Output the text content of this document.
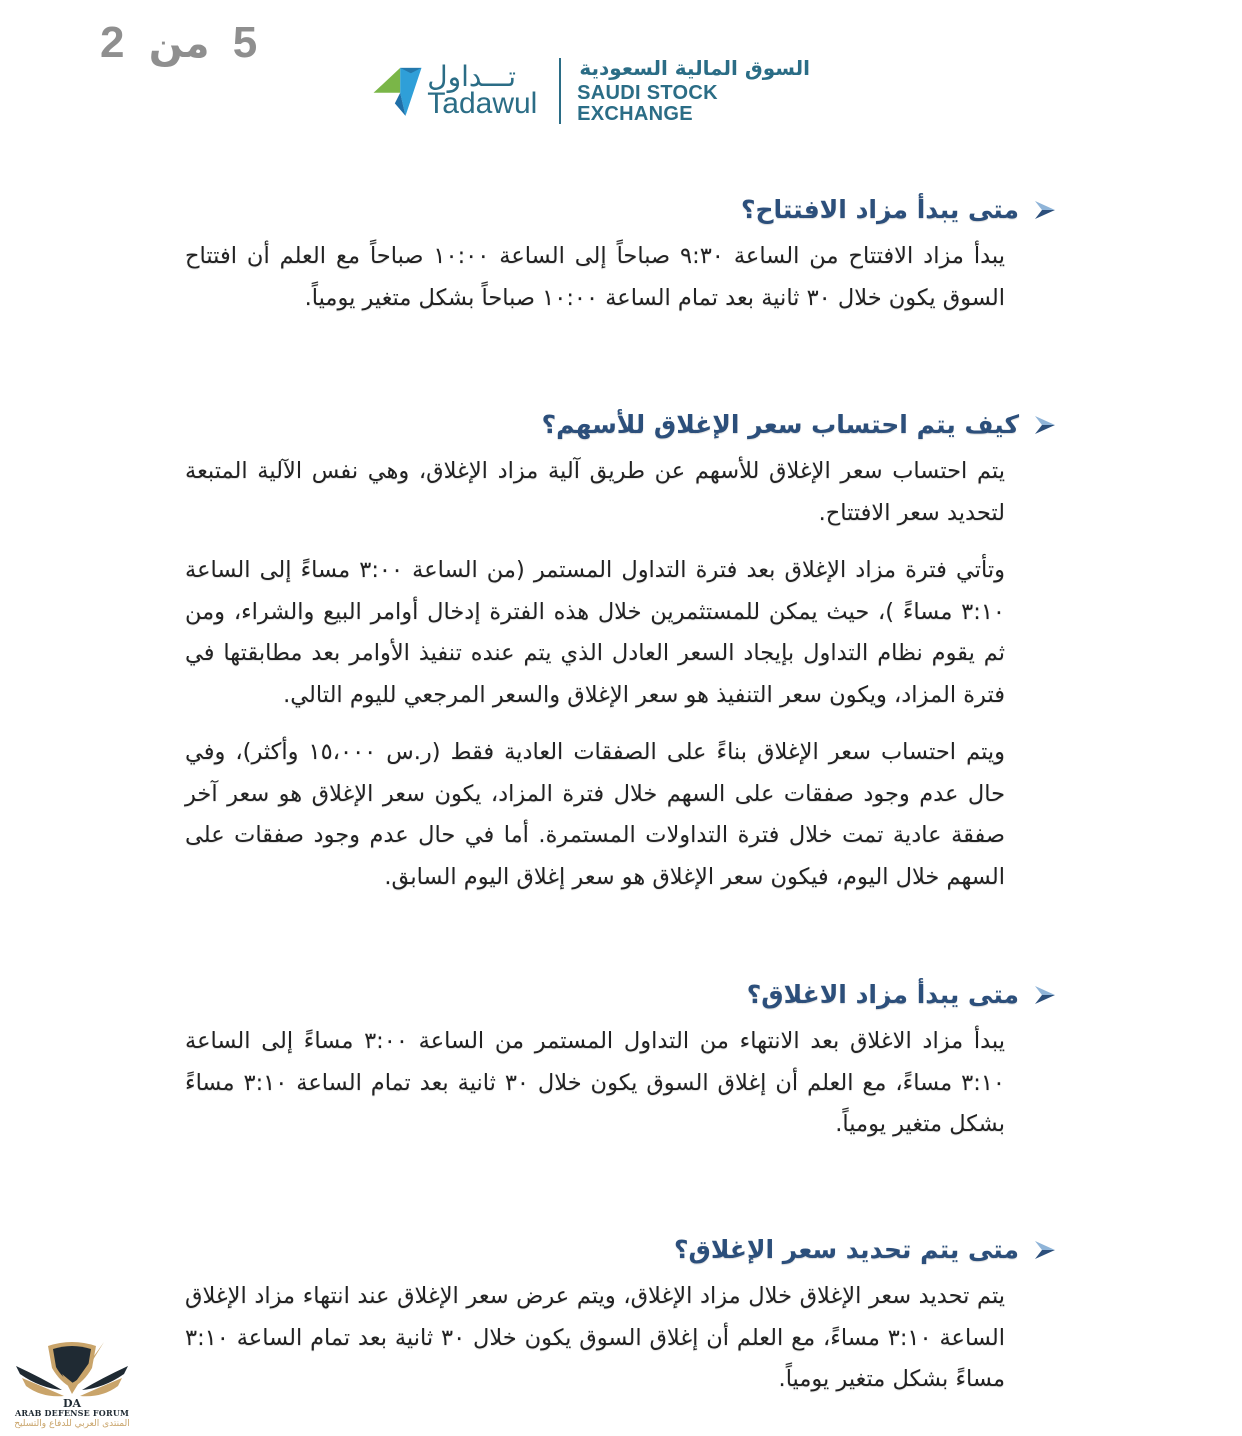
2 من 5
تـــداول
Tadawul
السوق المالية السعودية
SAUDI STOCK EXCHANGE
متى يبدأ مزاد الافتتاح؟

يبدأ مزاد الافتتاح من الساعة ٩:٣٠ صباحاً إلى الساعة ١٠:٠٠ صباحاً مع العلم أن افتتاح السوق يكون خلال ٣٠ ثانية بعد تمام الساعة ١٠:٠٠ صباحاً بشكل متغير يومياً.

كيف يتم احتساب سعر الإغلاق للأسهم؟

يتم احتساب سعر الإغلاق للأسهم عن طريق آلية مزاد الإغلاق، وهي نفس الآلية المتبعة لتحديد سعر الافتتاح.

وتأتي فترة مزاد الإغلاق بعد فترة التداول المستمر (من الساعة ٣:٠٠ مساءً إلى الساعة ٣:١٠ مساءً )، حيث يمكن للمستثمرين خلال هذه الفترة إدخال أوامر البيع والشراء، ومن ثم يقوم نظام التداول بإيجاد السعر العادل الذي يتم عنده تنفيذ الأوامر بعد مطابقتها في فترة المزاد، ويكون سعر التنفيذ هو سعر الإغلاق والسعر المرجعي لليوم التالي.

ويتم احتساب سعر الإغلاق بناءً على الصفقات العادية فقط (ر.س ١٥،٠٠٠ وأكثر)، وفي حال عدم وجود صفقات على السهم خلال فترة المزاد، يكون سعر الإغلاق هو سعر آخر صفقة عادية تمت خلال فترة التداولات المستمرة. أما في حال عدم وجود صفقات على السهم خلال اليوم، فيكون سعر الإغلاق هو سعر إغلاق اليوم السابق.

متى يبدأ مزاد الاغلاق؟

يبدأ مزاد الاغلاق بعد الانتهاء من التداول المستمر من الساعة ٣:٠٠ مساءً إلى الساعة ٣:١٠ مساءً، مع العلم أن إغلاق السوق يكون خلال ٣٠ ثانية بعد تمام الساعة ٣:١٠ مساءً بشكل متغير يومياً.

متى يتم تحديد سعر الإغلاق؟

يتم تحديد سعر الإغلاق خلال مزاد الإغلاق، ويتم عرض سعر الإغلاق عند انتهاء مزاد الإغلاق الساعة ٣:١٠ مساءً، مع العلم أن إغلاق السوق يكون خلال ٣٠ ثانية بعد تمام الساعة ٣:١٠ مساءً بشكل متغير يومياً.

DA
ARAB DEFENSE FORUM
المنتدى العربي للدفاع والتسليح
